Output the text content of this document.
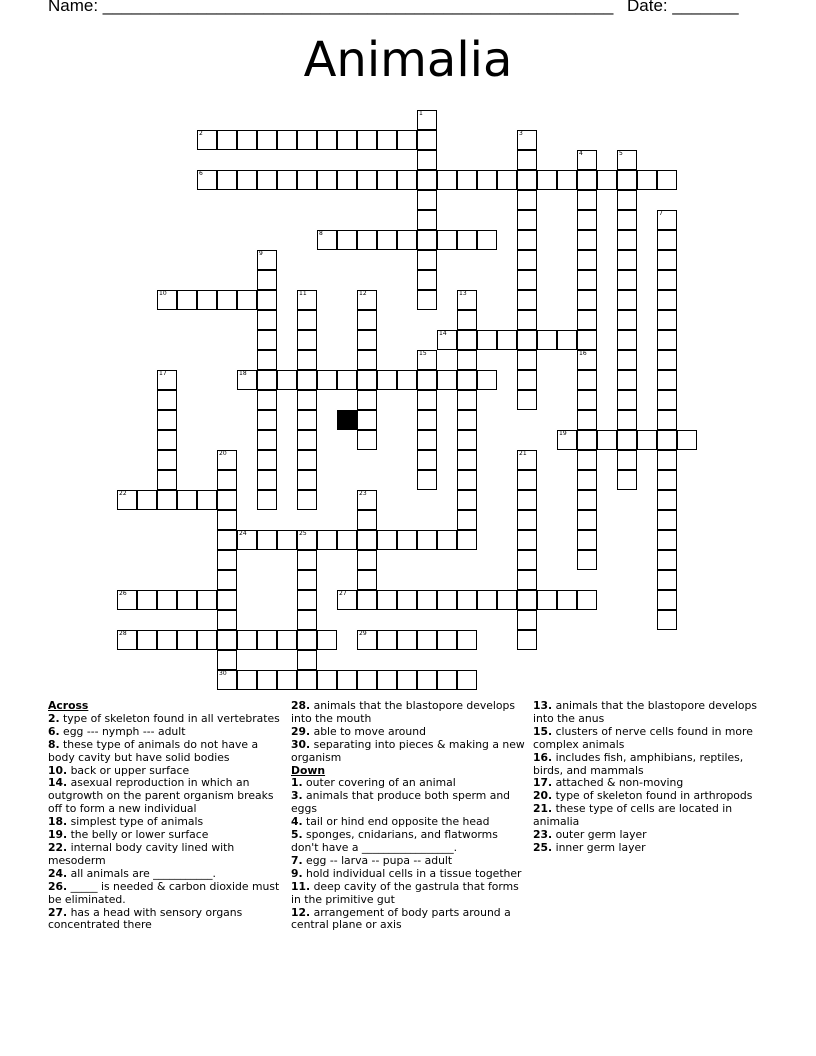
Name: ______________________________________________________ Date: _______
Animalia
1
2	3
4	5
6
7
8
9
10	11	12	13
14
15	16
17	18
19
20	21
22	23
24	25
26	27
28	29
30
Across
2. type of skeleton found in all vertebrates
6. egg --- nymph --- adult
8. these type of animals do not have a body cavity but have solid bodies
10. back or upper surface
14. asexual reproduction in which an outgrowth on the parent organism breaks off to form a new individual
18. simplest type of animals
19. the belly or lower surface
22. internal body cavity lined with mesoderm
24. all animals are ___________.
26. _____ is needed & carbon dioxide must be eliminated.
27. has a head with sensory organs concentrated there
28. animals that the blastopore develops into the mouth
29. able to move around
30. separating into pieces & making a new organism
Down
1. outer covering of an animal
3. animals that produce both sperm and eggs
4. tail or hind end opposite the head
5. sponges, cnidarians, and flatworms don't have a _________________.
7. egg -- larva -- pupa -- adult
9. hold individual cells in a tissue together
11. deep cavity of the gastrula that forms in the primitive gut
12. arrangement of body parts around a central plane or axis
13. animals that the blastopore develops into the anus
15. clusters of nerve cells found in more complex animals
16. includes fish, amphibians, reptiles, birds, and mammals
17. attached & non-moving
20. type of skeleton found in arthropods
21. these type of cells are located in animalia
23. outer germ layer
25. inner germ layer
